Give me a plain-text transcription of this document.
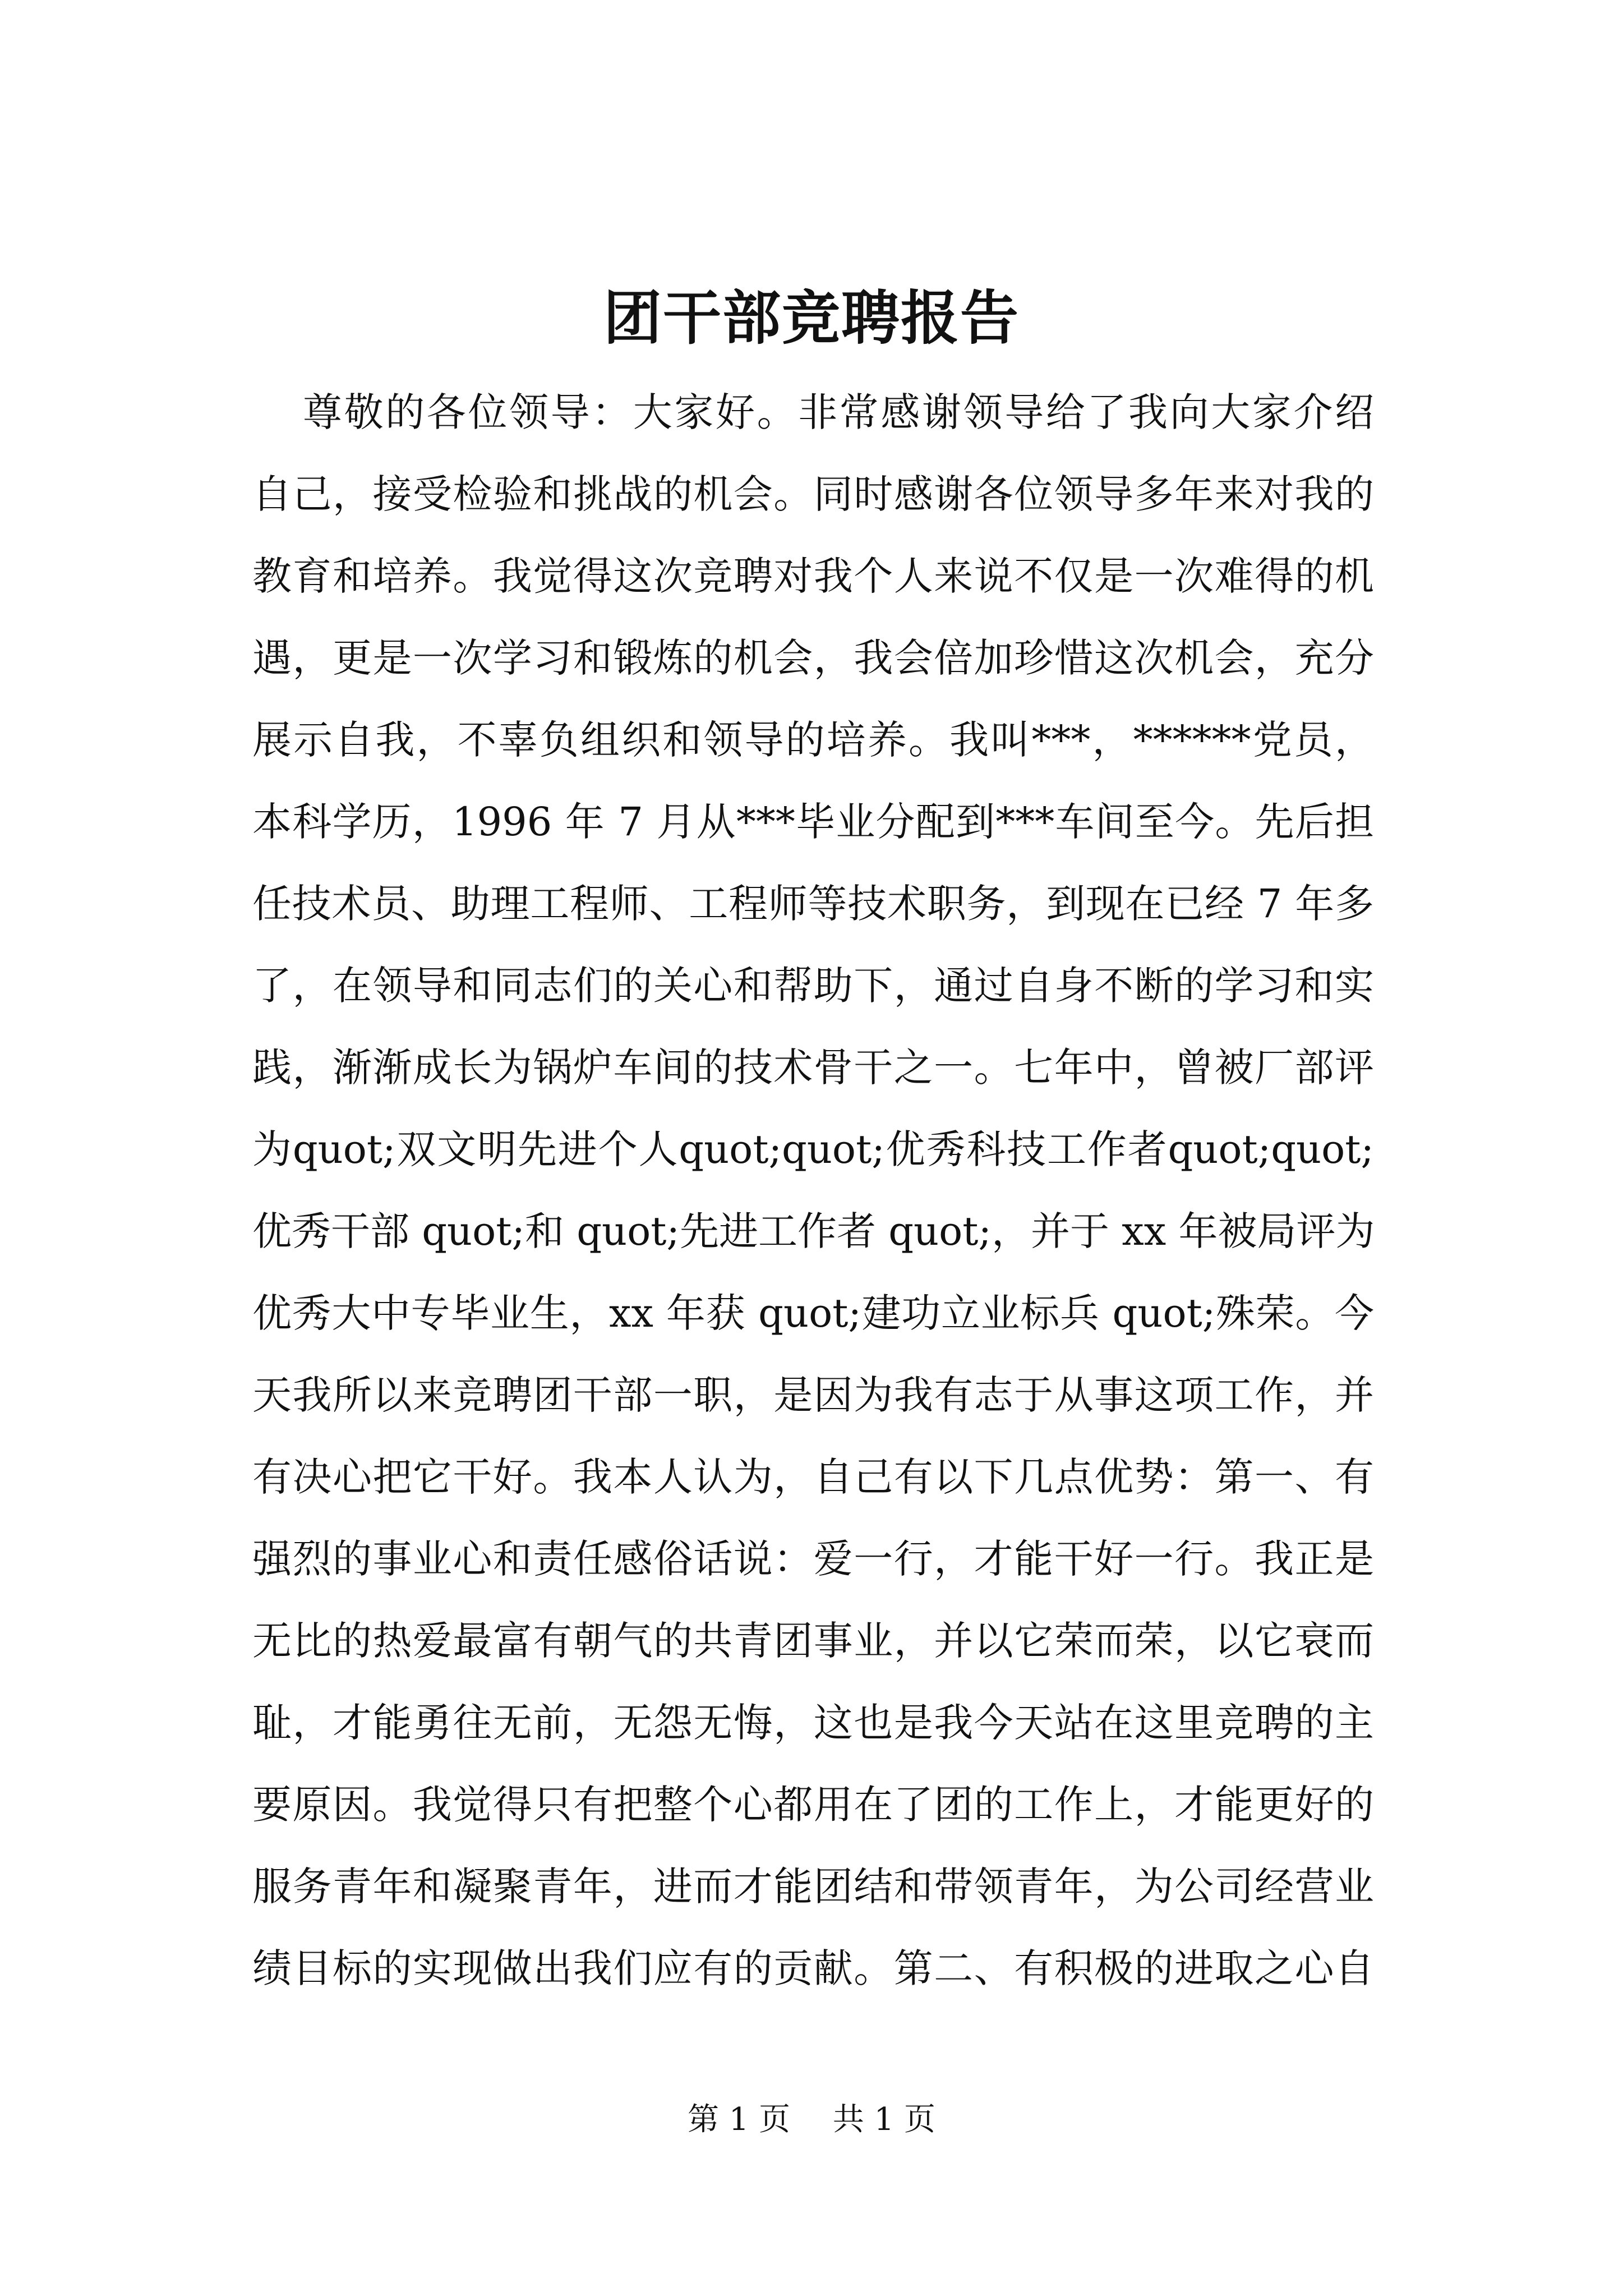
团干部竞聘报告
尊敬的各位领导：大家好。非常感谢领导给了我向大家介绍
自己，接受检验和挑战的机会。同时感谢各位领导多年来对我的
教育和培养。我觉得这次竞聘对我个人来说不仅是一次难得的机
遇，更是一次学习和锻炼的机会，我会倍加珍惜这次机会，充分
展示自我，不辜负组织和领导的培养。我叫***，******党员，
本科学历，1996 年 7 月从***毕业分配到***车间至今。先后担
任技术员、助理工程师、工程师等技术职务，到现在已经 7 年多
了，在领导和同志们的关心和帮助下，通过自身不断的学习和实
践，渐渐成长为锅炉车间的技术骨干之一。七年中，曾被厂部评
为quot;双文明先进个人quot;quot;优秀科技工作者quot;quot;
优秀干部 quot;和 quot;先进工作者 quot;，并于 xx 年被局评为
优秀大中专毕业生，xx 年获 quot;建功立业标兵 quot;殊荣。今
天我所以来竞聘团干部一职，是因为我有志于从事这项工作，并
有决心把它干好。我本人认为，自己有以下几点优势：第一、有
强烈的事业心和责任感俗话说：爱一行，才能干好一行。我正是
无比的热爱最富有朝气的共青团事业，并以它荣而荣，以它衰而
耻，才能勇往无前，无怨无悔，这也是我今天站在这里竞聘的主
要原因。我觉得只有把整个心都用在了团的工作上，才能更好的
服务青年和凝聚青年，进而才能团结和带领青年，为公司经营业
绩目标的实现做出我们应有的贡献。第二、有积极的进取之心自
第 1 页 共 1 页
